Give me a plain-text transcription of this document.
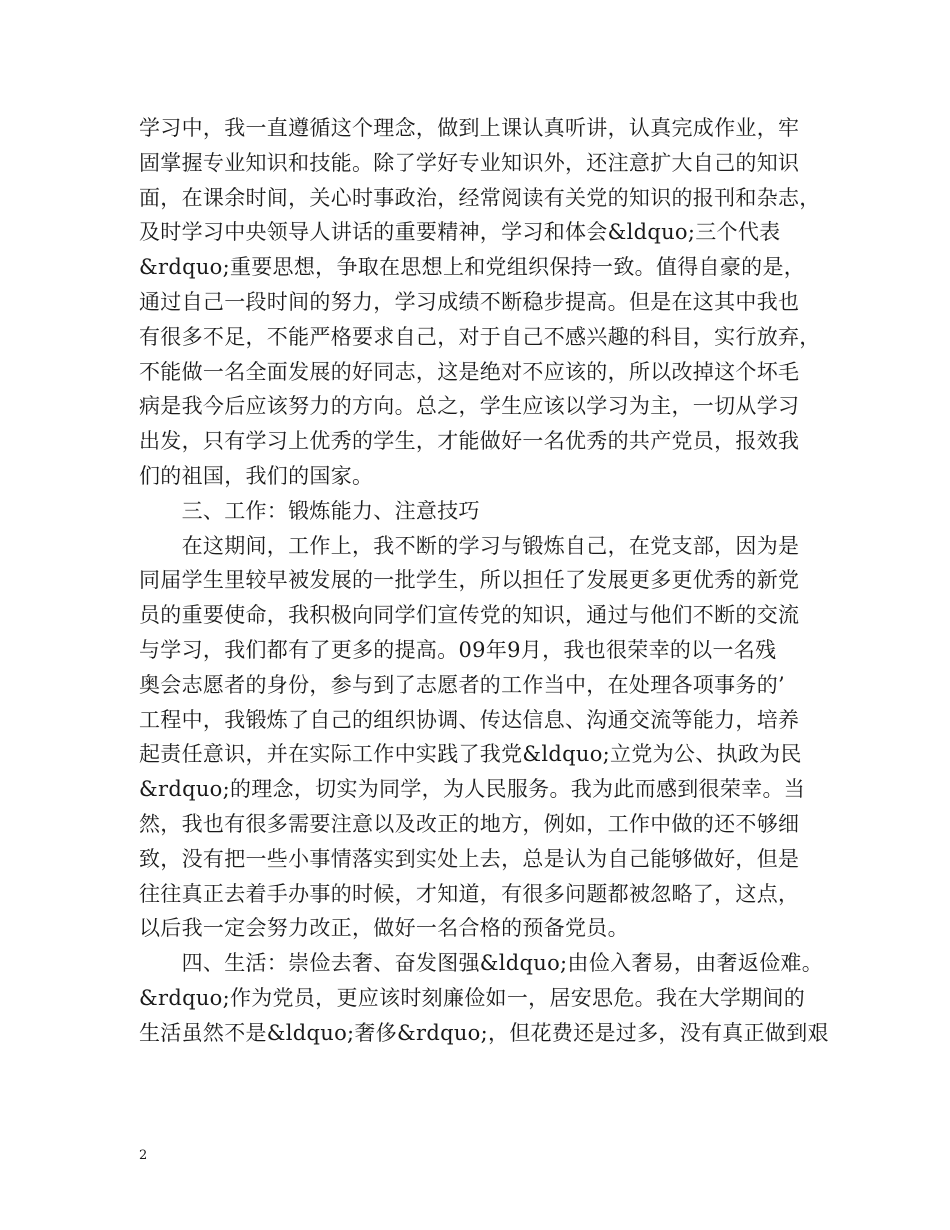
学习中，我一直遵循这个理念，做到上课认真听讲，认真完成作业，牢
固掌握专业知识和技能。除了学好专业知识外，还注意扩大自己的知识
面，在课余时间，关心时事政治，经常阅读有关党的知识的报刊和杂志，
及时学习中央领导人讲话的重要精神，学习和体会&ldquo;三个代表
&rdquo;重要思想，争取在思想上和党组织保持一致。值得自豪的是，
通过自己一段时间的努力，学习成绩不断稳步提高。但是在这其中我也
有很多不足，不能严格要求自己，对于自己不感兴趣的科目，实行放弃，
不能做一名全面发展的好同志，这是绝对不应该的，所以改掉这个坏毛
病是我今后应该努力的方向。总之，学生应该以学习为主，一切从学习
出发，只有学习上优秀的学生，才能做好一名优秀的共产党员，报效我
们的祖国，我们的国家。
　　三、工作：锻炼能力、注意技巧
　　在这期间，工作上，我不断的学习与锻炼自己，在党支部，因为是
同届学生里较早被发展的一批学生，所以担任了发展更多更优秀的新党
员的重要使命，我积极向同学们宣传党的知识，通过与他们不断的交流
与学习，我们都有了更多的提高。09年9月，我也很荣幸的以一名残
奥会志愿者的身份，参与到了志愿者的工作当中，在处理各项事务的’
工程中，我锻炼了自己的组织协调、传达信息、沟通交流等能力，培养
起责任意识，并在实际工作中实践了我党&ldquo;立党为公、执政为民
&rdquo;的理念，切实为同学，为人民服务。我为此而感到很荣幸。当
然，我也有很多需要注意以及改正的地方，例如，工作中做的还不够细
致，没有把一些小事情落实到实处上去，总是认为自己能够做好，但是
往往真正去着手办事的时候，才知道，有很多问题都被忽略了，这点，
以后我一定会努力改正，做好一名合格的预备党员。
　　四、生活：崇俭去奢、奋发图强&ldquo;由俭入奢易，由奢返俭难。
&rdquo;作为党员，更应该时刻廉俭如一，居安思危。我在大学期间的
生活虽然不是&ldquo;奢侈&rdquo;，但花费还是过多，没有真正做到艰
2
